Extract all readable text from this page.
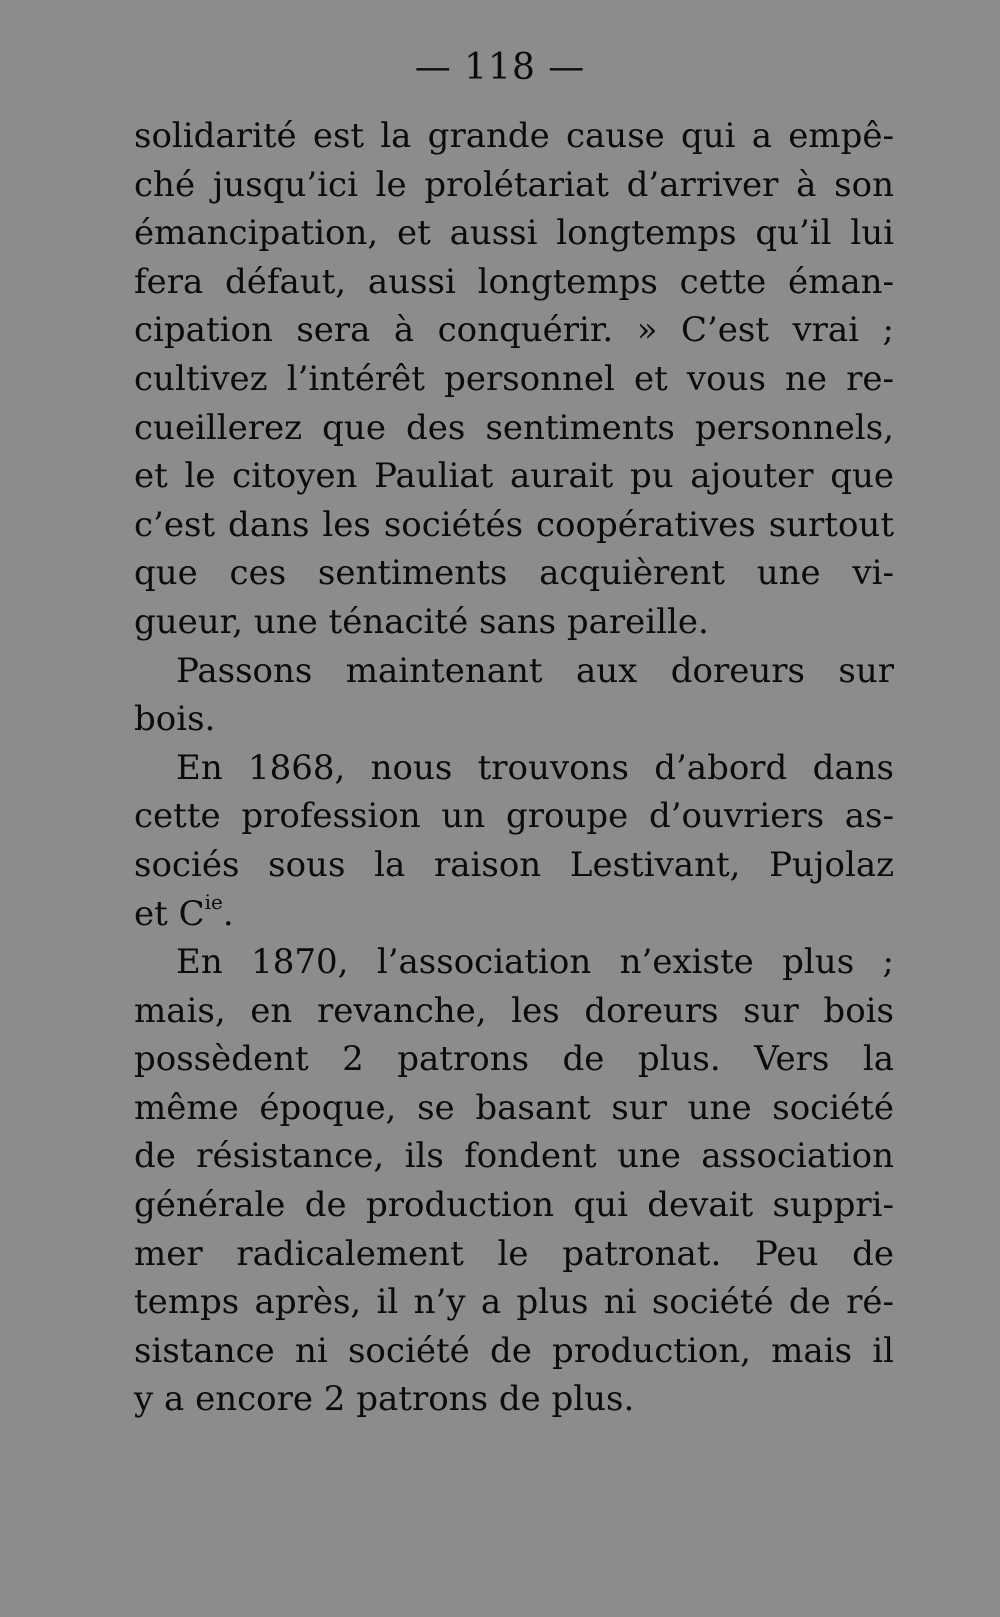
— 118 —
solidarité est la grande cause qui a empê-
ché jusqu’ici le prolétariat d’arriver à son
émancipation, et aussi longtemps qu’il lui
fera défaut, aussi longtemps cette éman-
cipation sera à conquérir. » C’est vrai ;
cultivez l’intérêt personnel et vous ne re-
cueillerez que des sentiments personnels,
et le citoyen Pauliat aurait pu ajouter que
c’est dans les sociétés coopératives surtout
que ces sentiments acquièrent une vi-
gueur, une ténacité sans pareille.
Passons maintenant aux doreurs sur
bois.
En 1868, nous trouvons d’abord dans
cette profession un groupe d’ouvriers as-
sociés sous la raison Lestivant, Pujolaz
et $C^{ie}$.
En 1870, l’association n’existe plus ;
mais, en revanche, les doreurs sur bois
possèdent 2 patrons de plus. Vers la
même époque, se basant sur une société
de résistance, ils fondent une association
générale de production qui devait suppri-
mer radicalement le patronat. Peu de
temps après, il n’y a plus ni société de ré-
sistance ni société de production, mais il
y a encore 2 patrons de plus.
